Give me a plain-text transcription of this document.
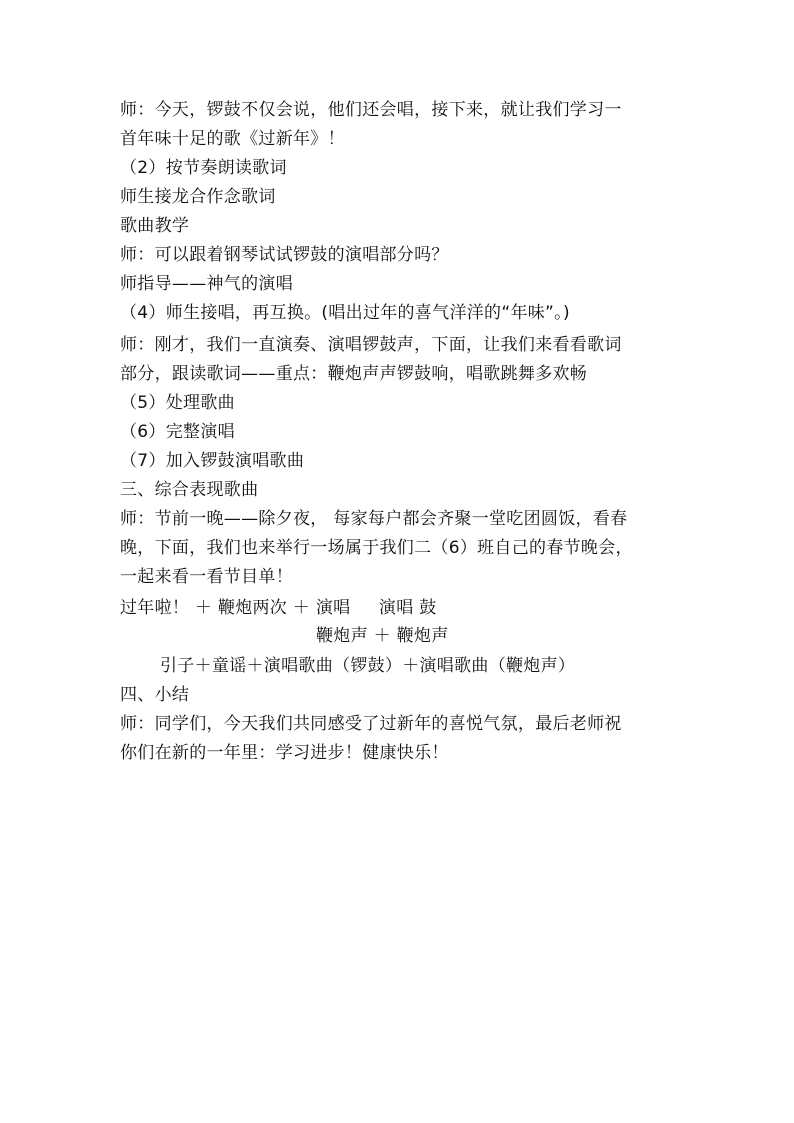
师：今天，锣鼓不仅会说，他们还会唱，接下来，就让我们学习一
首年味十足的歌《过新年》！
（2）按节奏朗读歌词
师生接龙合作念歌词
歌曲教学
师：可以跟着钢琴试试锣鼓的演唱部分吗？
师指导——神气的演唱
（4）师生接唱，再互换。(唱出过年的喜气洋洋的“年味”。)
师：刚才，我们一直演奏、演唱锣鼓声，下面，让我们来看看歌词
部分，跟读歌词——重点：鞭炮声声锣鼓响，唱歌跳舞多欢畅
（5）处理歌曲
（6）完整演唱
（7）加入锣鼓演唱歌曲
三、综合表现歌曲
师：节前一晚——除夕夜， 每家每户都会齐聚一堂吃团圆饭，看春
晚，下面，我们也来举行一场属于我们二（6）班自己的春节晚会，
一起来看一看节目单！
过年啦！ ＋ 鞭炮两次 ＋ 演唱     演唱 鼓
鞭炮声 ＋ 鞭炮声
引子＋童谣＋演唱歌曲（锣鼓）＋演唱歌曲（鞭炮声）
四、小结
师：同学们，今天我们共同感受了过新年的喜悦气氛，最后老师祝
你们在新的一年里：学习进步！健康快乐！
